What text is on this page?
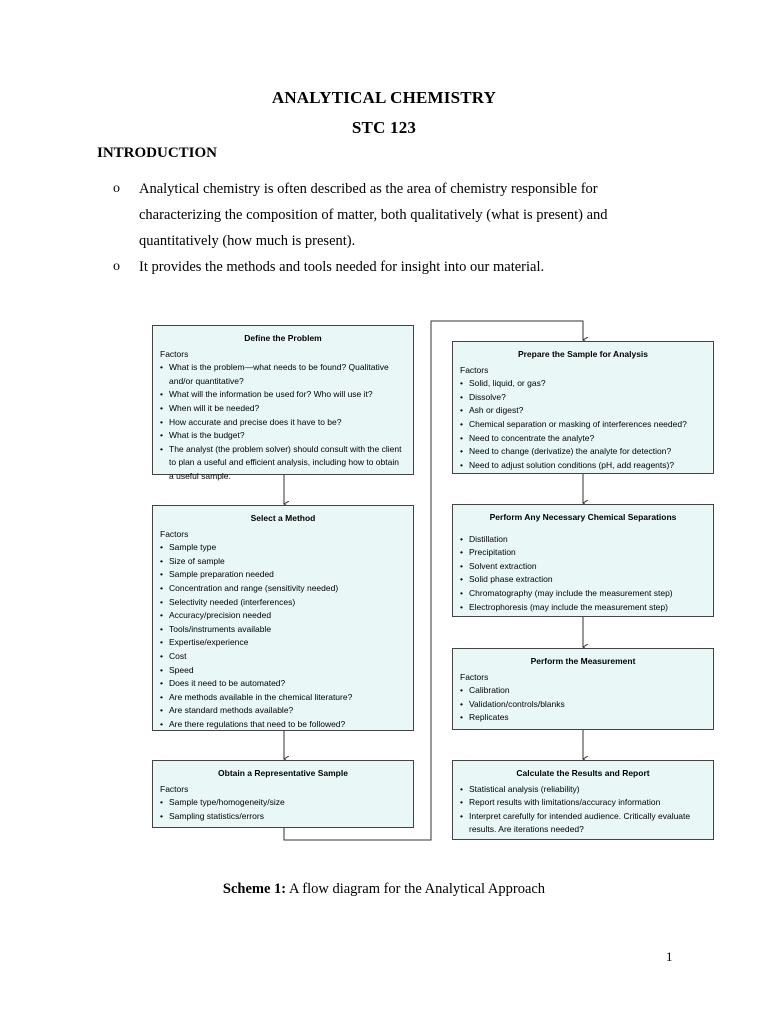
ANALYTICAL CHEMISTRY
STC 123
INTRODUCTION
o Analytical chemistry is often described as the area of chemistry responsible for characterizing the composition of matter, both qualitatively (what is present) and quantitatively (how much is present).
o It provides the methods and tools needed for insight into our material.
Define the Problem
Factors
• What is the problem—what needs to be found? Qualitative and/or quantitative?
• What will the information be used for? Who will use it?
• When will it be needed?
• How accurate and precise does it have to be?
• What is the budget?
• The analyst (the problem solver) should consult with the client to plan a useful and efficient analysis, including how to obtain a useful sample.
Select a Method
Factors
• Sample type
• Size of sample
• Sample preparation needed
• Concentration and range (sensitivity needed)
• Selectivity needed (interferences)
• Accuracy/precision needed
• Tools/instruments available
• Expertise/experience
• Cost
• Speed
• Does it need to be automated?
• Are methods available in the chemical literature?
• Are standard methods available?
• Are there regulations that need to be followed?
Obtain a Representative Sample
Factors
• Sample type/homogeneity/size
• Sampling statistics/errors
Prepare the Sample for Analysis
Factors
• Solid, liquid, or gas?
• Dissolve?
• Ash or digest?
• Chemical separation or masking of interferences needed?
• Need to concentrate the analyte?
• Need to change (derivatize) the analyte for detection?
• Need to adjust solution conditions (pH, add reagents)?
Perform Any Necessary Chemical Separations
• Distillation
• Precipitation
• Solvent extraction
• Solid phase extraction
• Chromatography (may include the measurement step)
• Electrophoresis (may include the measurement step)
Perform the Measurement
Factors
• Calibration
• Validation/controls/blanks
• Replicates
Calculate the Results and Report
• Statistical analysis (reliability)
• Report results with limitations/accuracy information
• Interpret carefully for intended audience. Critically evaluate results. Are iterations needed?
Scheme 1: A flow diagram for the Analytical Approach
1
